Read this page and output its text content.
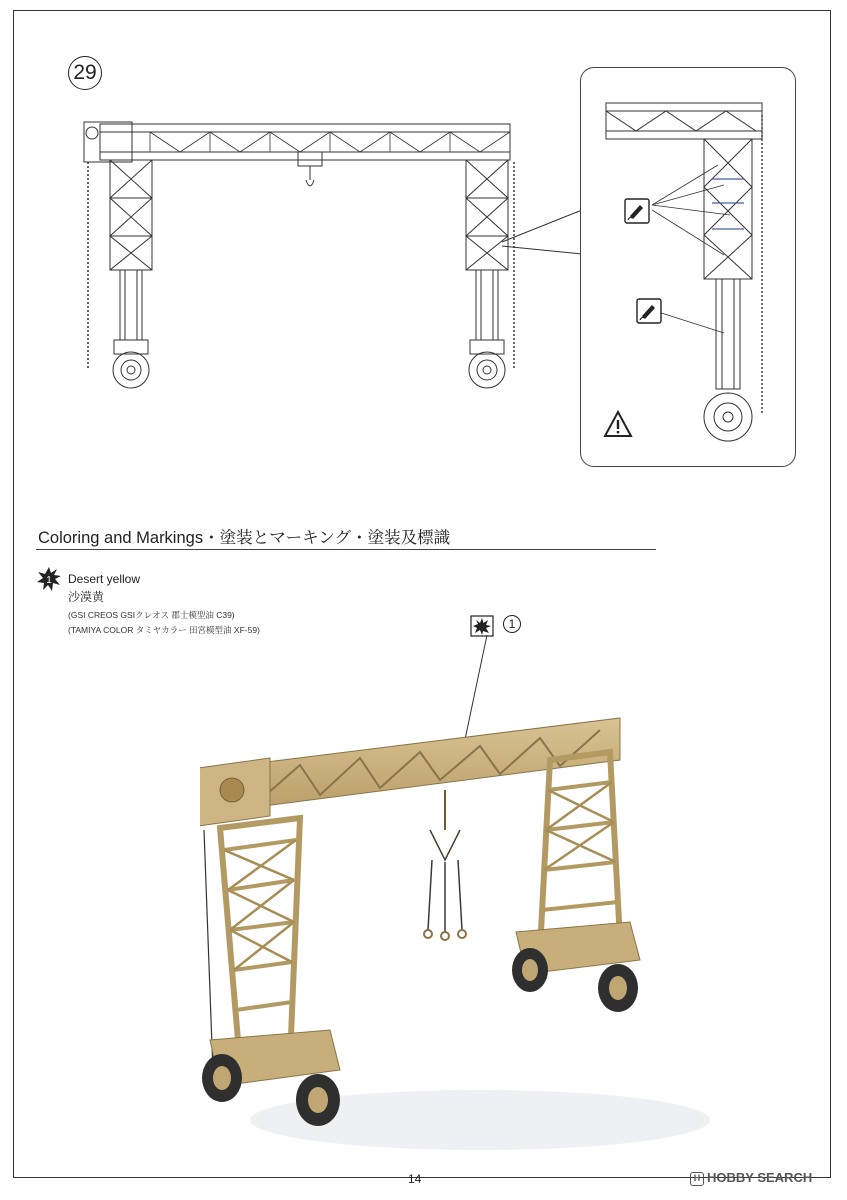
29
Coloring and Markings・塗装とマーキング・塗装及標識
1 Desert yellow
沙漠黄
(GSI CREOS GSIクレオス 郡士模型油 C39)
(TAMIYA COLOR タミヤカラー 田宮模型油 XF-59)	1
14	H HOBBY SEARCH
